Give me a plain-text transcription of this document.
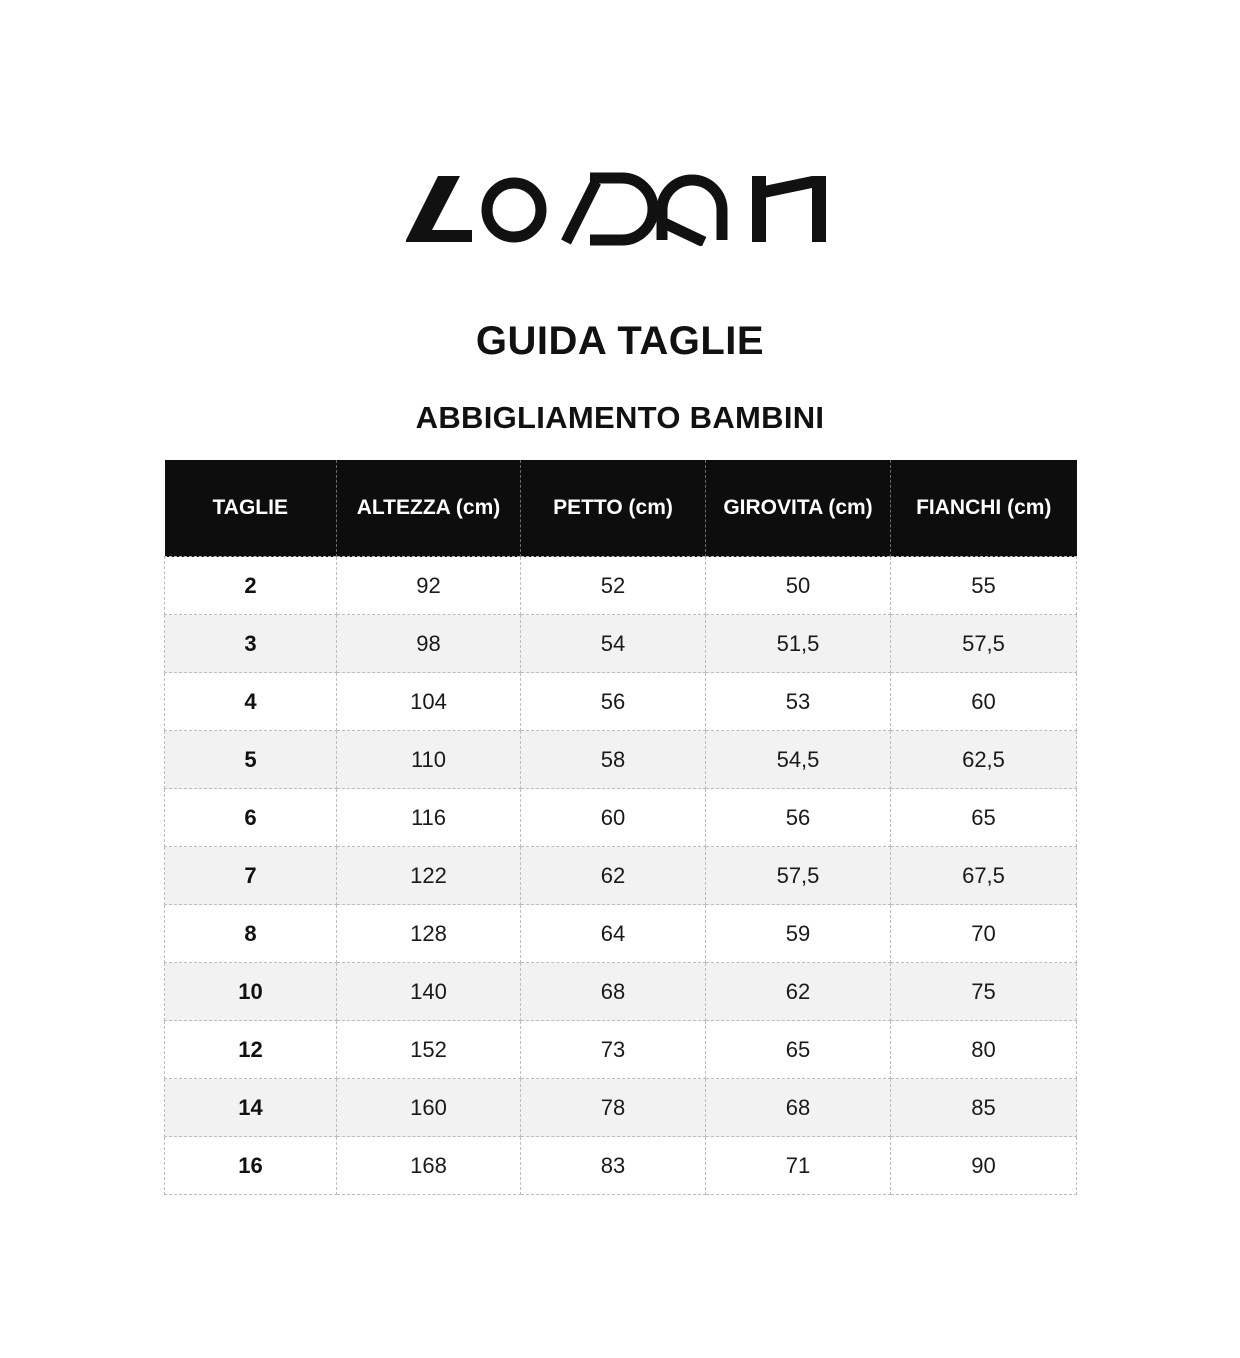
GUIDA TAGLIE
ABBIGLIAMENTO BAMBINI
TAGLIE	ALTEZZA (cm)	PETTO (cm)	GIROVITA (cm)	FIANCHI (cm)
2	92	52	50	55
3	98	54	51,5	57,5
4	104	56	53	60
5	110	58	54,5	62,5
6	116	60	56	65
7	122	62	57,5	67,5
8	128	64	59	70
10	140	68	62	75
12	152	73	65	80
14	160	78	68	85
16	168	83	71	90
